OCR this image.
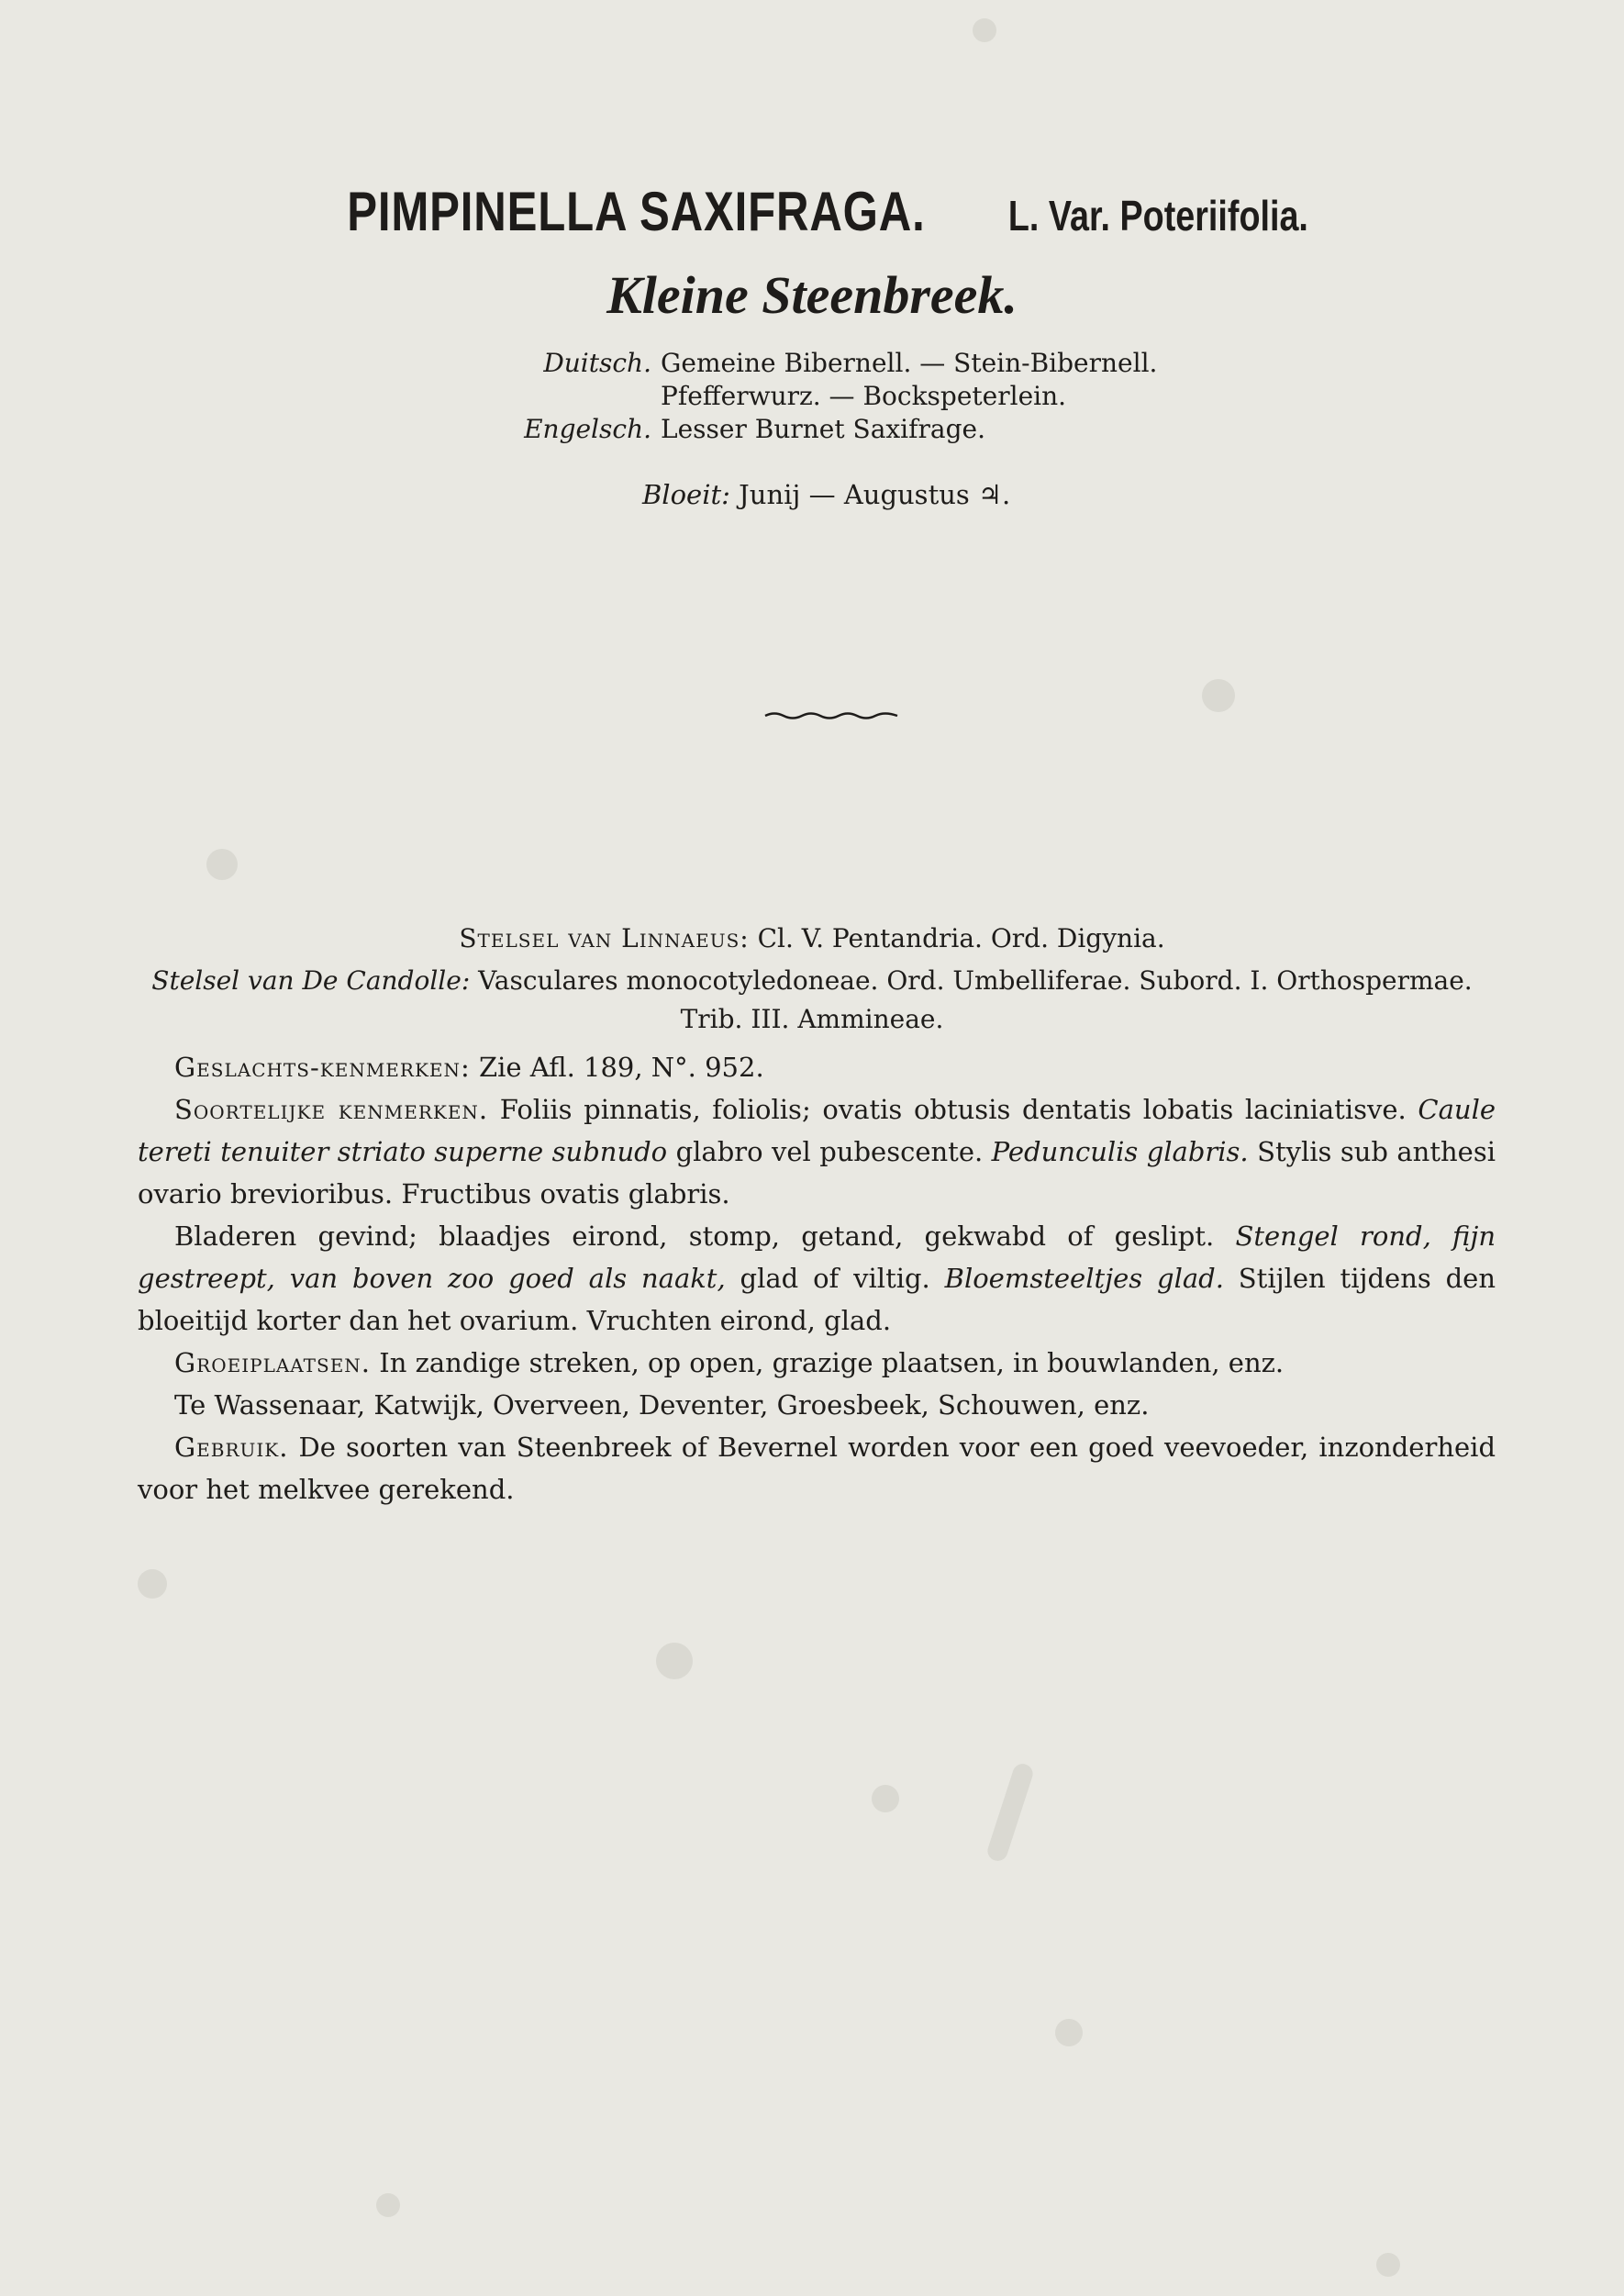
PIMPINELLA SAXIFRAGA. L. Var. Poteriifolia.
Kleine Steenbreek.
Duitsch. Gemeine Bibernell. — Stein-Bibernell.
Pfefferwurz. — Bockspeterlein.
Engelsch. Lesser Burnet Saxifrage.
Bloeit: Junij — Augustus ♃.
Stelsel van Linnaeus: Cl. V. Pentandria. Ord. Digynia.
Stelsel van De Candolle: Vasculares monocotyledoneae. Ord. Umbelliferae. Subord. I. Orthospermae.
Trib. III. Ammineae.

Geslachts-kenmerken: Zie Afl. 189, N°. 952.

Soortelijke kenmerken. Foliis pinnatis, foliolis; ovatis obtusis dentatis lobatis laciniatisve. Caule tereti tenuiter striato superne subnudo glabro vel pubescente. Pedunculis glabris. Stylis sub anthesi ovario brevioribus. Fructibus ovatis glabris.

Bladeren gevind; blaadjes eirond, stomp, getand, gekwabd of geslipt. Stengel rond, fijn gestreept, van boven zoo goed als naakt, glad of viltig. Bloemsteeltjes glad. Stijlen tijdens den bloeitijd korter dan het ovarium. Vruchten eirond, glad.

Groeiplaatsen. In zandige streken, op open, grazige plaatsen, in bouwlanden, enz.

Te Wassenaar, Katwijk, Overveen, Deventer, Groesbeek, Schouwen, enz.

Gebruik. De soorten van Steenbreek of Bevernel worden voor een goed veevoeder, inzonderheid voor het melkvee gerekend.
